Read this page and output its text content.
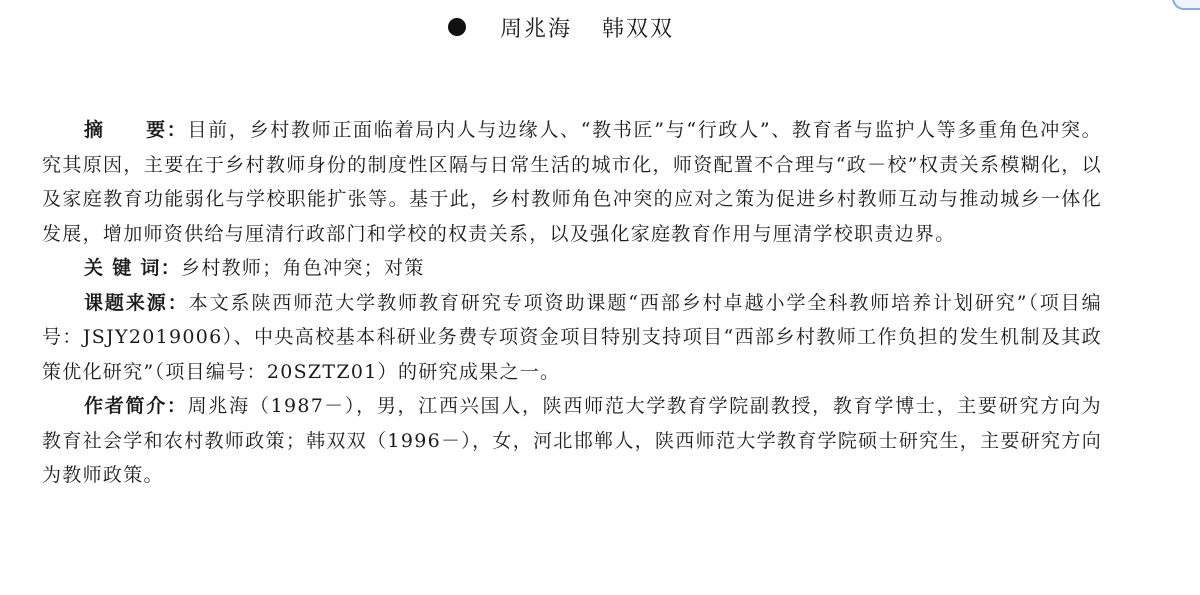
周兆海 韩双双

摘　　要：目前，乡村教师正面临着局内人与边缘人、“教书匠”与“行政人”、教育者与监护人等多重角色冲突。究其原因，主要在于乡村教师身份的制度性区隔与日常生活的城市化，师资配置不合理与“政－校”权责关系模糊化，以及家庭教育功能弱化与学校职能扩张等。基于此，乡村教师角色冲突的应对之策为促进乡村教师互动与推动城乡一体化发展，增加师资供给与厘清行政部门和学校的权责关系，以及强化家庭教育作用与厘清学校职责边界。

关 键 词：乡村教师；角色冲突；对策

课题来源：本文系陕西师范大学教师教育研究专项资助课题“西部乡村卓越小学全科教师培养计划研究”（项目编号：JSJY2019006）、中央高校基本科研业务费专项资金项目特别支持项目“西部乡村教师工作负担的发生机制及其政策优化研究”（项目编号：20SZTZ01）的研究成果之一。

作者简介：周兆海（1987－），男，江西兴国人，陕西师范大学教育学院副教授，教育学博士，主要研究方向为教育社会学和农村教师政策；韩双双（1996－），女，河北邯郸人，陕西师范大学教育学院硕士研究生，主要研究方向为教师政策。
